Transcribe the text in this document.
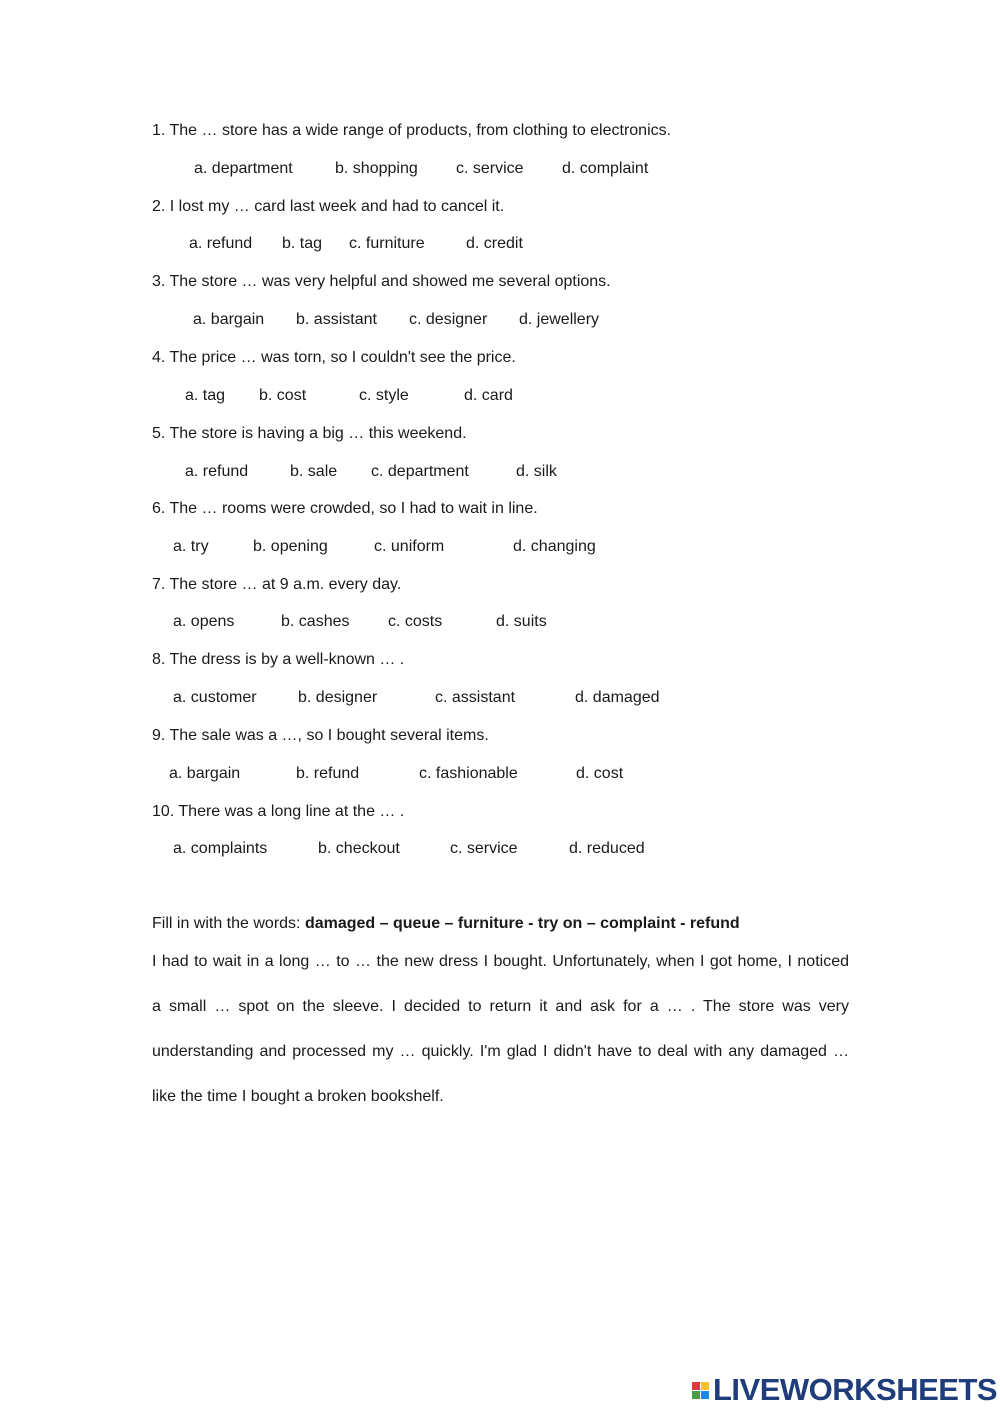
1. The … store has a wide range of products, from clothing to electronics.
a. department	b. shopping c. service d. complaint
2. I lost my … card last week and had to cancel it.
a. refund b. tag c. furniture	d. credit
3. The store … was very helpful and showed me several options.
a. bargain b. assistant c. designer d. jewellery
4. The price … was torn, so I couldn't see the price.
a. tag b. cost	c. style	d. card
5. The store is having a big … this weekend.
a. refund	b. sale c. department	d. silk
6. The … rooms were crowded, so I had to wait in line.
a. try	b. opening	c. uniform	d. changing
7. The store … at 9 a.m. every day.
a. opens	b. cashes c. costs	d. suits
8. The dress is by a well-known … .
a. customer	b. designer	c. assistant	d. damaged
9. The sale was a …, so I bought several items.
a. bargain	b. refund	c. fashionable	d. cost
10. There was a long line at the … .
a. complaints	b. checkout	c. service	d. reduced
Fill in with the words: damaged – queue – furniture - try on – complaint - refund
I had to wait in a long … to … the new dress I bought. Unfortunately, when I got home, I noticed
a small … spot on the sleeve. I decided to return it and ask for a … . The store was very
understanding and processed my … quickly. I'm glad I didn't have to deal with any damaged …
like the time I bought a broken bookshelf.
LIVEWORKSHEETS
